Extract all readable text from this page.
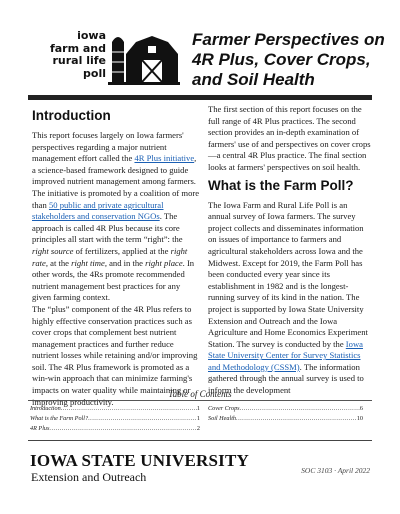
iowa
farm and
rural life
poll
Farmer Perspectives on 4R Plus, Cover Crops, and Soil Health
Introduction

This report focuses largely on Iowa farmers' perspectives regarding a major nutrient management effort called the 4R Plus initiative, a science-based framework designed to guide improved nutrient management among farmers. The initiative is promoted by a coalition of more than 50 public and private agricultural stakeholders and conservation NGOs. The approach is called 4R Plus because its core principles all start with the term “right”: the right source of fertilizers, applied at the right rate, at the right time, and in the right place. In other words, the 4Rs promote recommended nutrient management best practices for any given farming context.

The “plus” component of the 4R Plus refers to highly effective conservation practices such as cover crops that complement best nutrient management practices and further reduce nutrient losses while retaining and/or improving soil. The 4R Plus framework is promoted as a win-win approach that can minimize farming's impacts on water quality while maintaining or improving productivity.

The first section of this report focuses on the full range of 4R Plus practices. The second section provides an in-depth examination of farmers' use of and perspectives on cover crops—a central 4R Plus practice. The final section looks at farmers' perspectives on soil health.

What is the Farm Poll?

The Iowa Farm and Rural Life Poll is an annual survey of Iowa farmers. The survey project collects and disseminates information on issues of importance to farmers and agricultural stakeholders across Iowa and the Midwest. Except for 2019, the Farm Poll has been conducted every year since its establishment in 1982 and is the longest-running survey of its kind in the nation. The project is supported by Iowa State University Extension and Outreach and the Iowa Agriculture and Home Economics Experiment Station. The survey is conducted by the Iowa State University Center for Survey Statistics and Methodology (CSSM). The information gathered through the annual survey is used to inform the development

Table of Contents
Introduction .....	1
What is the Farm Poll? .....	1
4R Plus .....	2
Cover Crops .....	6
Soil Health .....	10
IOWA STATE UNIVERSITY
Extension and Outreach	SOC 3103 · April 2022
